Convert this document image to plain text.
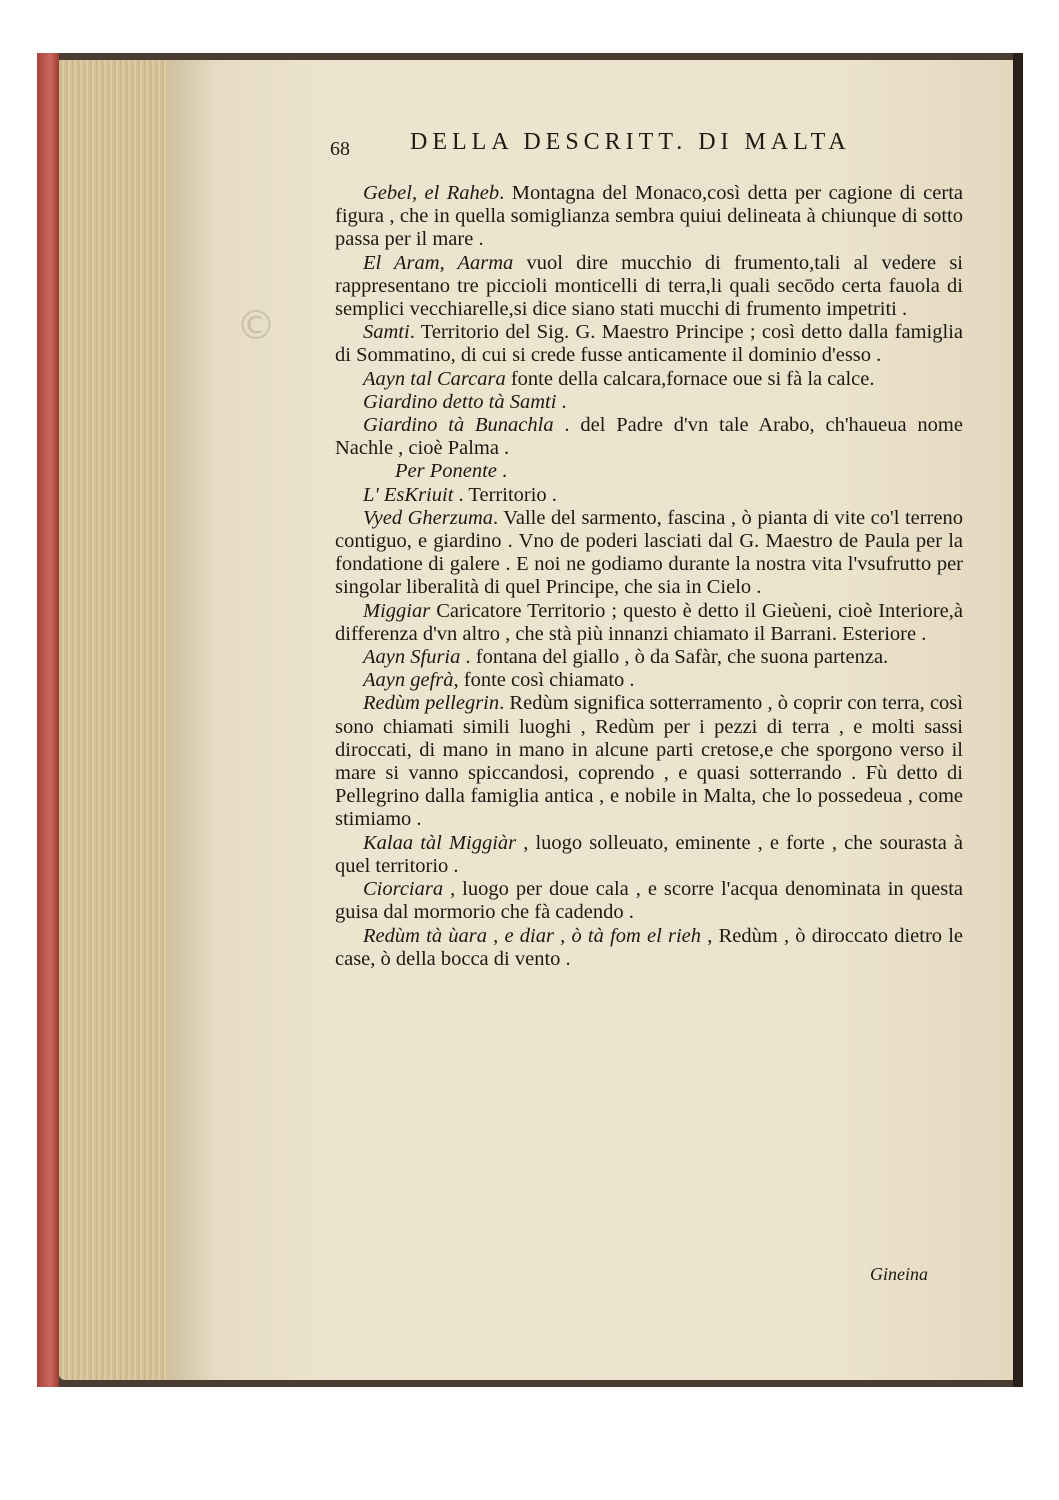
©
68	DELLA DESCRITT. DI MALTA

Gebel, el Raheb. Montagna del Monaco,così detta per cagione di certa figura , che in quella somiglianza sembra quiui delineata à chiunque di sotto passa per il mare .

El Aram, Aarma vuol dire mucchio di frumento,tali al vedere si rappresentano tre piccioli monticelli di terra,li quali secōdo certa fauola di semplici vecchiarelle,si dice siano stati mucchi di frumento impetriti .

Samti. Territorio del Sig. G. Maestro Principe ; così detto dalla famiglia di Sommatino, di cui si crede fusse anticamente il dominio d'esso .

Aayn tal Carcara fonte della calcara,fornace oue si fà la calce.

Giardino detto tà Samti .

Giardino tà Bunachla . del Padre d'vn tale Arabo, ch'haueua nome Nachle , cioè Palma .

Per Ponente .

L' EsKriuit . Territorio .

Vyed Gherzuma. Valle del sarmento, fascina , ò pianta di vite co'l terreno contiguo, e giardino . Vno de poderi lasciati dal G. Maestro de Paula per la fondatione di galere . E noi ne godiamo durante la nostra vita l'vsufrutto per singolar liberalità di quel Principe, che sia in Cielo .

Miggiar Caricatore Territorio ; questo è detto il Gieùeni, cioè Interiore,à differenza d'vn altro , che stà più innanzi chiamato il Barrani. Esteriore .

Aayn Sfuria . fontana del giallo , ò da Safàr, che suona partenza.

Aayn gefrà, fonte così chiamato .

Redùm pellegrin. Redùm significa sotterramento , ò coprir con terra, così sono chiamati simili luoghi , Redùm per i pezzi di terra , e molti sassi diroccati, di mano in mano in alcune parti cretose,e che sporgono verso il mare si vanno spiccandosi, coprendo , e quasi sotterrando . Fù detto di Pellegrino dalla famiglia antica , e nobile in Malta, che lo possedeua , come stimiamo .

Kalaa tàl Miggiàr , luogo solleuato, eminente , e forte , che sourasta à quel territorio .

Ciorciara , luogo per doue cala , e scorre l'acqua denominata in questa guisa dal mormorio che fà cadendo .

Redùm tà ùara , e diar , ò tà fom el rieh , Redùm , ò diroccato dietro le case, ò della bocca di vento .

Gineina
